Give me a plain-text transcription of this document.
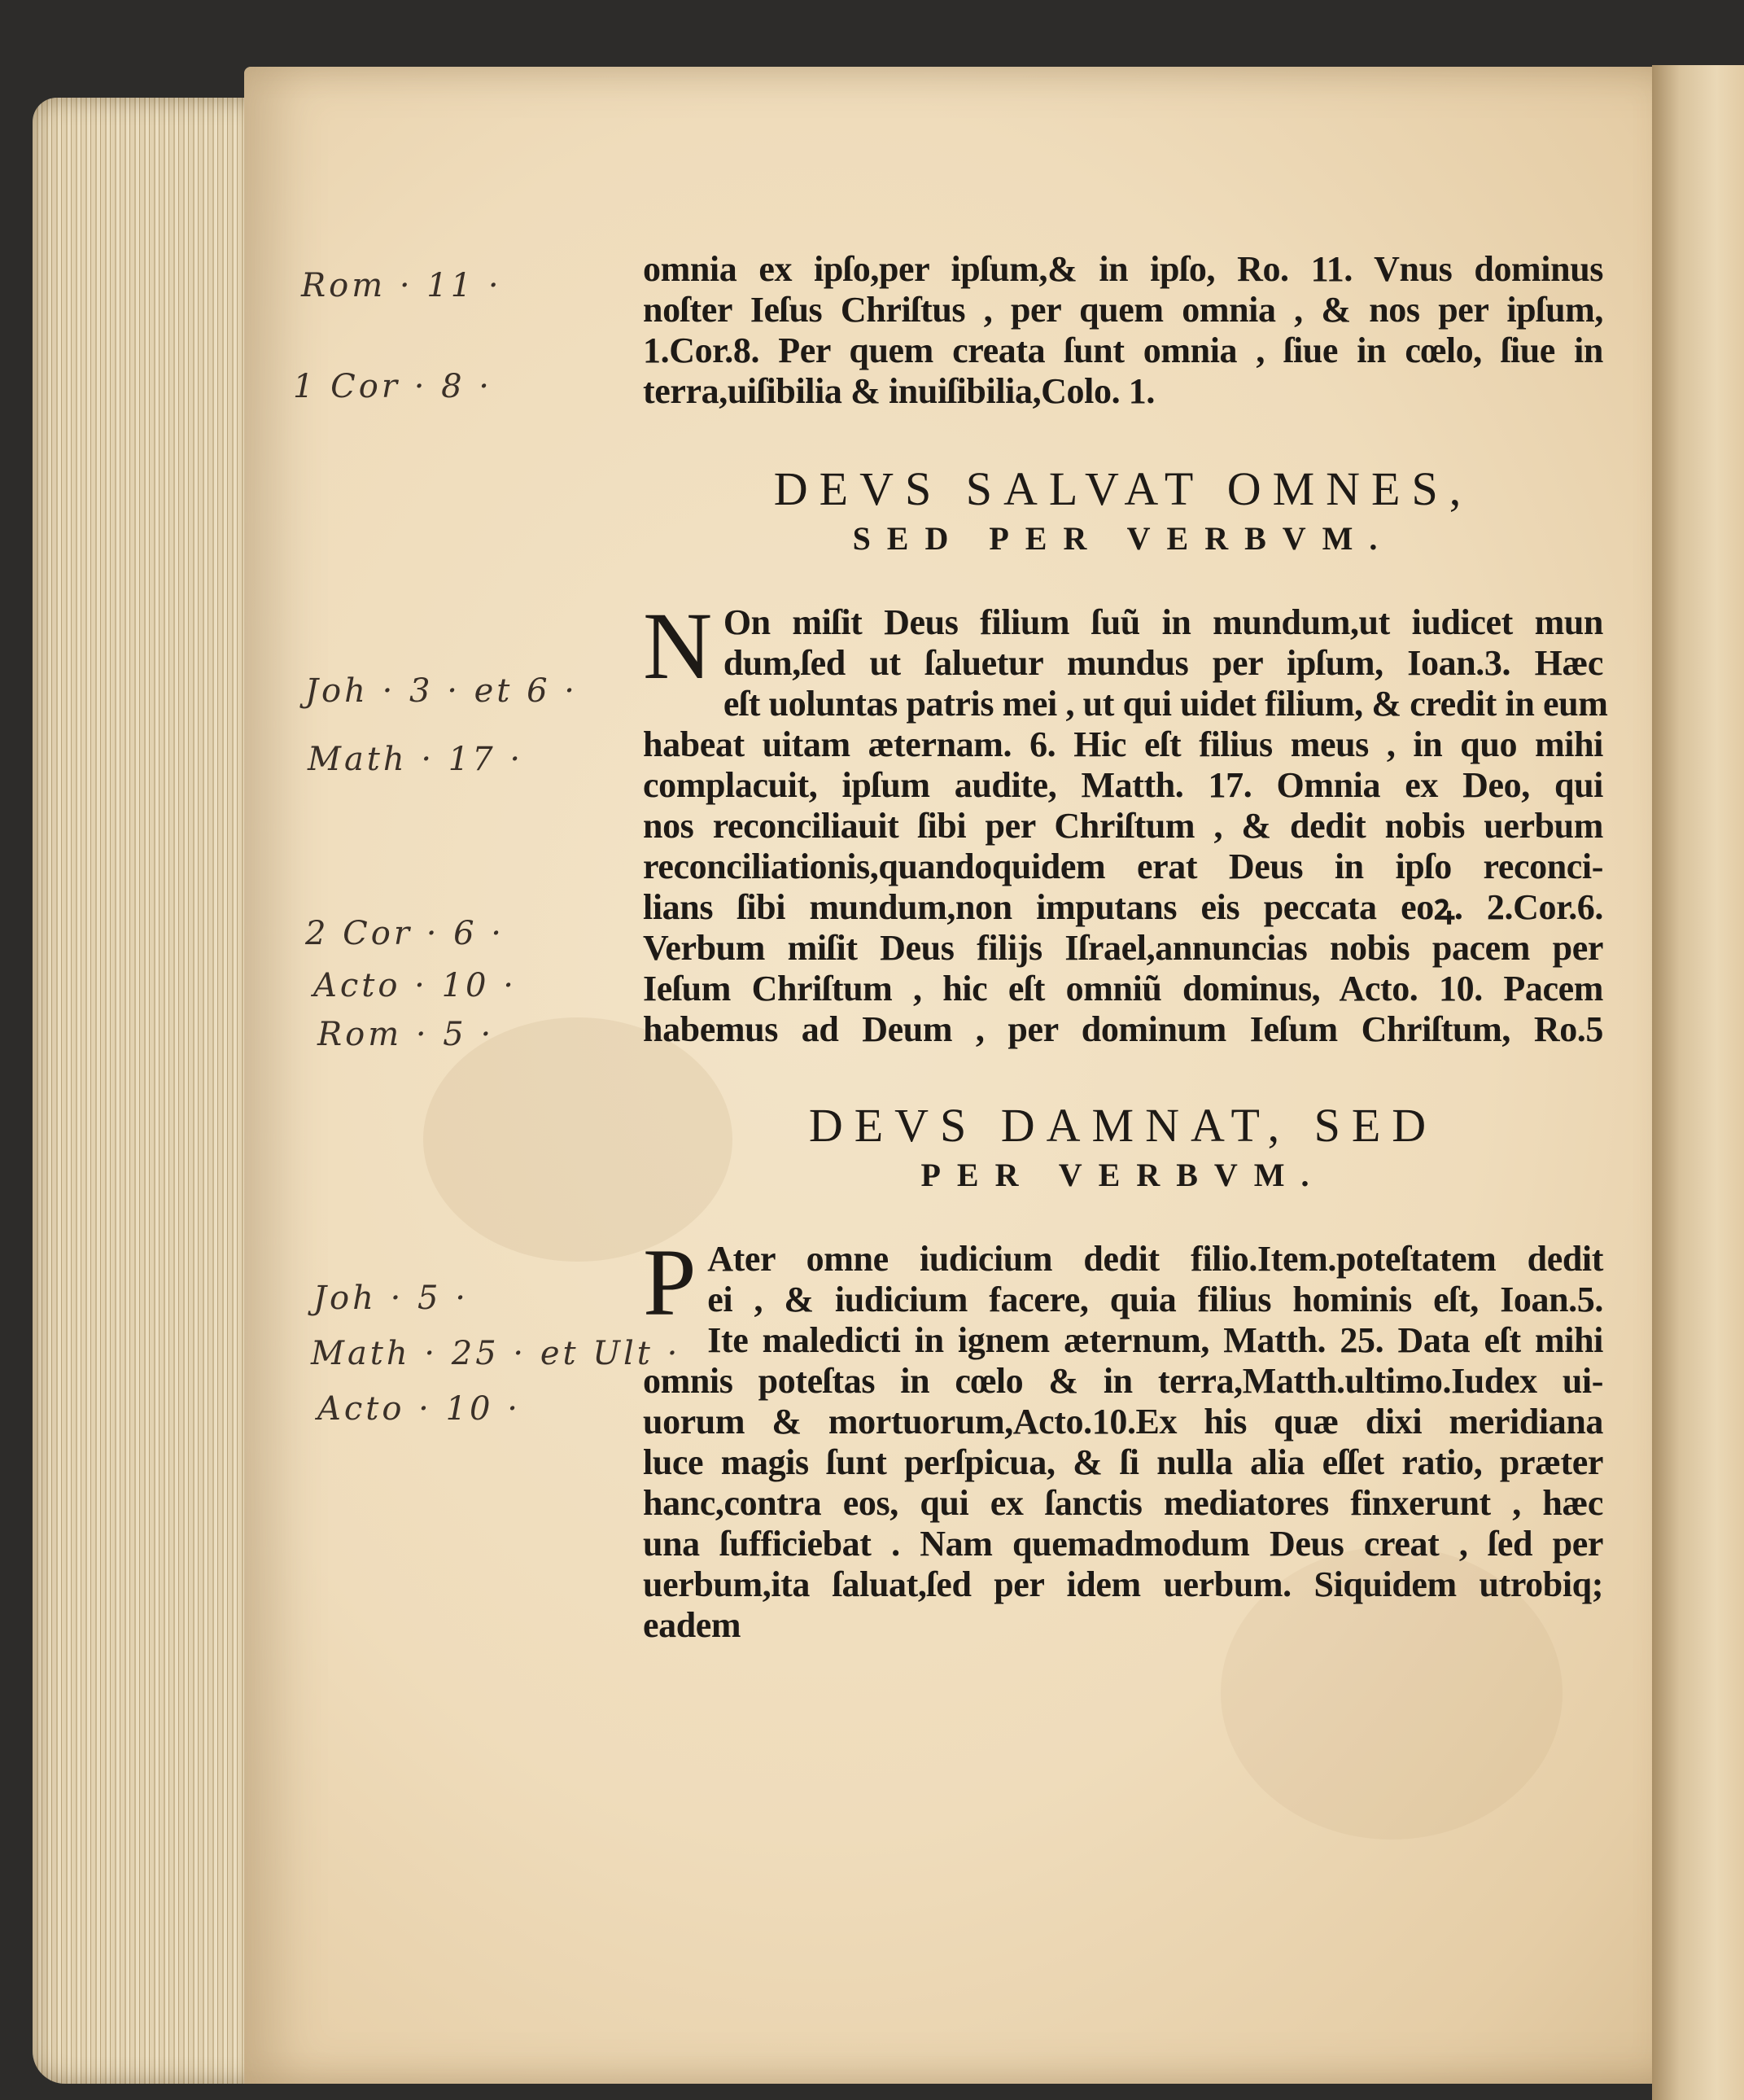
Rom · 11 ·
1 Cor · 8 ·
Joh · 3 · et 6 ·
Math · 17 ·
2 Cor · 6 ·
Acto · 10 ·
Rom · 5 ·
Joh · 5 ·
Math · 25 · et Ult ·
Acto · 10 ·
omnia ex ipſo,per ipſum,& in ipſo, Ro. 11. Vnus dominus
noſter Ieſus Chriſtus , per quem omnia , & nos per ipſum,
1.Cor.8. Per quem creata ſunt omnia , ſiue in cœlo, ſiue in
terra,uiſibilia & inuiſibilia,Colo. 1.
DEVS SALVAT OMNES,
SED PER VERBVM.
N On miſit Deus filium ſuũ in mundum,ut iudicet mun
dum,ſed ut ſaluetur mundus per ipſum, Ioan.3. Hæc
eſt uoluntas patris mei , ut qui uidet filium, & credit in eum
habeat uitam æternam. 6. Hic eſt filius meus , in quo mihi
complacuit, ipſum audite, Matth. 17. Omnia ex Deo, qui
nos reconciliauit ſibi per Chriſtum , & dedit nobis uerbum
reconciliationis,quandoquidem erat Deus in ipſo reconci-
lians ſibi mundum,non imputans eis peccata eoꝝ. 2.Cor.6.
Verbum miſit Deus filijs Iſrael,annuncias nobis pacem per
Ieſum Chriſtum , hic eſt omniũ dominus, Acto. 10. Pacem
habemus ad Deum , per dominum Ieſum Chriſtum, Ro.5
DEVS DAMNAT, SED
PER VERBVM.
P Ater omne iudicium dedit filio.Item.poteſtatem dedit
ei , & iudicium facere, quia filius hominis eſt, Ioan.5.
Ite maledicti in ignem æternum, Matth. 25. Data eſt mihi
omnis poteſtas in cœlo & in terra,Matth.ultimo.Iudex ui-
uorum & mortuorum,Acto.10.Ex his quæ dixi meridiana
luce magis ſunt perſpicua, & ſi nulla alia eſſet ratio, præter
hanc,contra eos, qui ex ſanctis mediatores finxerunt , hæc
una ſufficiebat . Nam quemadmodum Deus creat , ſed per
uerbum,ita ſaluat,ſed per idem uerbum. Siquidem utrobiq;
eadem
